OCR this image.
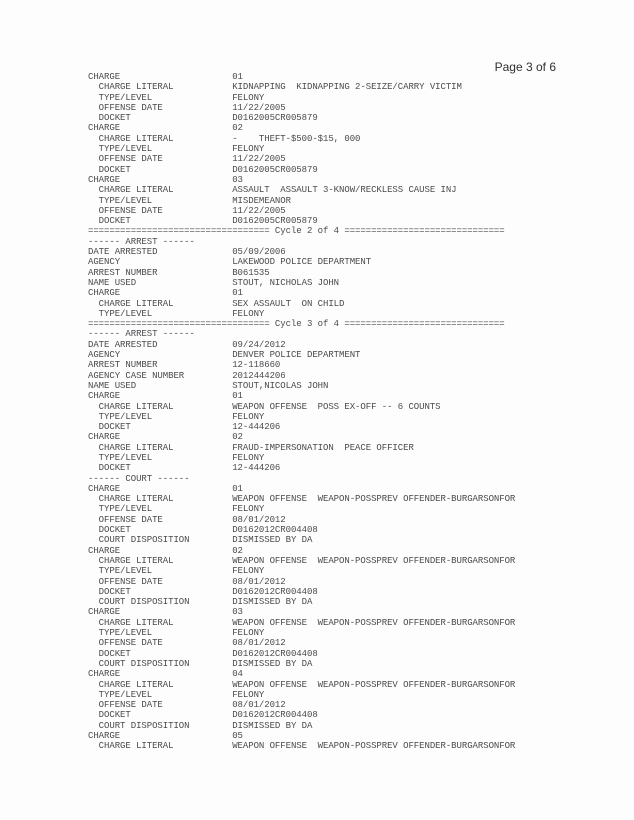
Page 3 of 6
CHARGE                     01
CHARGE LITERAL           KIDNAPPING  KIDNAPPING 2-SEIZE/CARRY VICTIM
TYPE/LEVEL               FELONY
OFFENSE DATE             11/22/2005
DOCKET                   D0162005CR005879
CHARGE                     02
CHARGE LITERAL           -    THEFT-$500-$15, 000
TYPE/LEVEL               FELONY
OFFENSE DATE             11/22/2005
DOCKET                   D0162005CR005879
CHARGE                     03
CHARGE LITERAL           ASSAULT  ASSAULT 3-KNOW/RECKLESS CAUSE INJ
TYPE/LEVEL               MISDEMEANOR
OFFENSE DATE             11/22/2005
DOCKET                   D0162005CR005879
================================== Cycle 2 of 4 ==============================
------ ARREST ------
DATE ARRESTED              05/09/2006
AGENCY                     LAKEWOOD POLICE DEPARTMENT
ARREST NUMBER              B061535
NAME USED                  STOUT, NICHOLAS JOHN
CHARGE                     01
CHARGE LITERAL           SEX ASSAULT  ON CHILD
TYPE/LEVEL               FELONY
================================== Cycle 3 of 4 ==============================
------ ARREST ------
DATE ARRESTED              09/24/2012
AGENCY                     DENVER POLICE DEPARTMENT
ARREST NUMBER              12-118660
AGENCY CASE NUMBER         2012444206
NAME USED                  STOUT,NICOLAS JOHN
CHARGE                     01
CHARGE LITERAL           WEAPON OFFENSE  POSS EX-OFF -- 6 COUNTS
TYPE/LEVEL               FELONY
DOCKET                   12-444206
CHARGE                     02
CHARGE LITERAL           FRAUD-IMPERSONATION  PEACE OFFICER
TYPE/LEVEL               FELONY
DOCKET                   12-444206
------ COURT ------
CHARGE                     01
CHARGE LITERAL           WEAPON OFFENSE  WEAPON-POSSPREV OFFENDER-BURGARSONFOR
TYPE/LEVEL               FELONY
OFFENSE DATE             08/01/2012
DOCKET                   D0162012CR004408
COURT DISPOSITION        DISMISSED BY DA
CHARGE                     02
CHARGE LITERAL           WEAPON OFFENSE  WEAPON-POSSPREV OFFENDER-BURGARSONFOR
TYPE/LEVEL               FELONY
OFFENSE DATE             08/01/2012
DOCKET                   D0162012CR004408
COURT DISPOSITION        DISMISSED BY DA
CHARGE                     03
CHARGE LITERAL           WEAPON OFFENSE  WEAPON-POSSPREV OFFENDER-BURGARSONFOR
TYPE/LEVEL               FELONY
OFFENSE DATE             08/01/2012
DOCKET                   D0162012CR004408
COURT DISPOSITION        DISMISSED BY DA
CHARGE                     04
CHARGE LITERAL           WEAPON OFFENSE  WEAPON-POSSPREV OFFENDER-BURGARSONFOR
TYPE/LEVEL               FELONY
OFFENSE DATE             08/01/2012
DOCKET                   D0162012CR004408
COURT DISPOSITION        DISMISSED BY DA
CHARGE                     05
CHARGE LITERAL           WEAPON OFFENSE  WEAPON-POSSPREV OFFENDER-BURGARSONFOR
